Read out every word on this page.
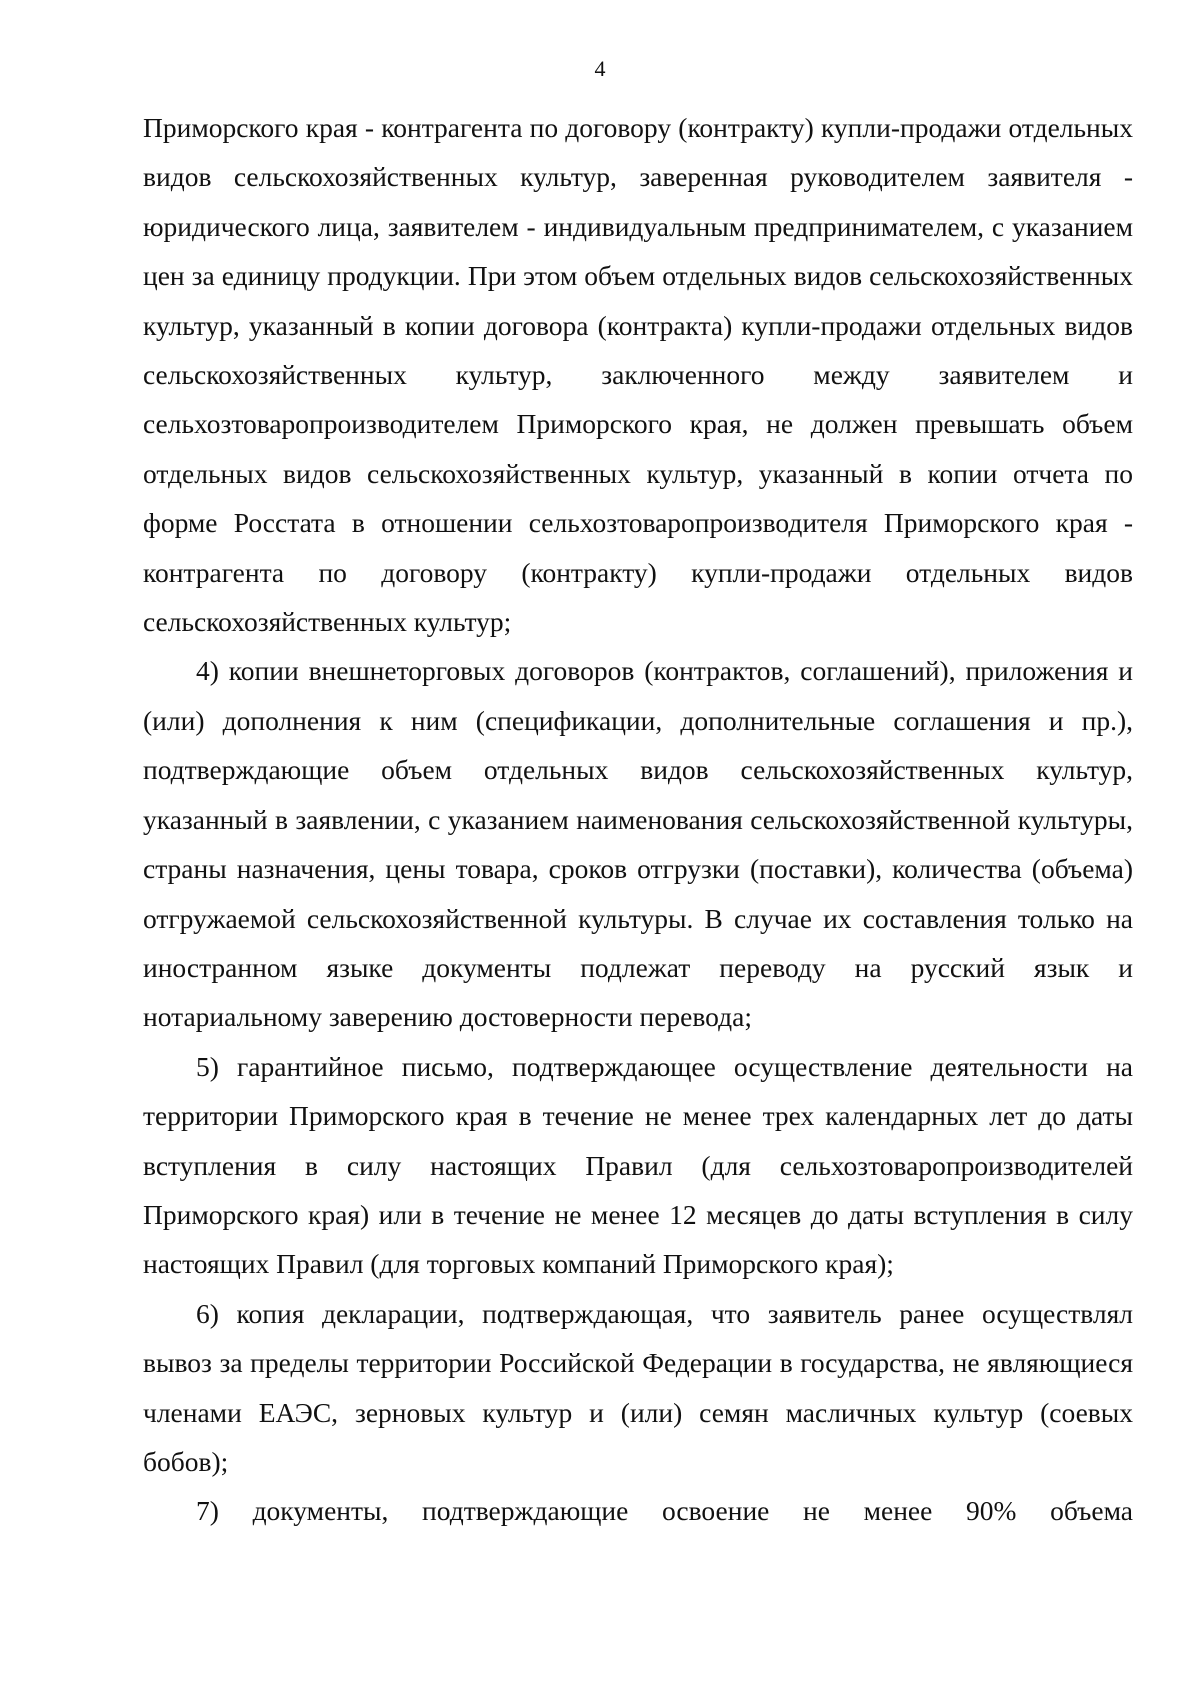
4

Приморского края - контрагента по договору (контракту) купли-продажи отдельных видов сельскохозяйственных культур, заверенная руководителем заявителя - юридического лица, заявителем - индивидуальным предпринимателем, с указанием цен за единицу продукции. При этом объем отдельных видов сельскохозяйственных культур, указанный в копии договора (контракта) купли-продажи отдельных видов сельскохозяйственных культур, заключенного между заявителем и сельхозтоваропроизводителем Приморского края, не должен превышать объем отдельных видов сельскохозяйственных культур, указанный в копии отчета по форме Росстата в отношении сельхозтоваропроизводителя Приморского края - контрагента по договору (контракту) купли-продажи отдельных видов сельскохозяйственных культур;

4) копии внешнеторговых договоров (контрактов, соглашений), приложения и (или) дополнения к ним (спецификации, дополнительные соглашения и пр.), подтверждающие объем отдельных видов сельскохозяйственных культур, указанный в заявлении, с указанием наименования сельскохозяйственной культуры, страны назначения, цены товара, сроков отгрузки (поставки), количества (объема) отгружаемой сельскохозяйственной культуры. В случае их составления только на иностранном языке документы подлежат переводу на русский язык и нотариальному заверению достоверности перевода;

5) гарантийное письмо, подтверждающее осуществление деятельности на территории Приморского края в течение не менее трех календарных лет до даты вступления в силу настоящих Правил (для сельхозтоваропроизводителей Приморского края) или в течение не менее 12 месяцев до даты вступления в силу настоящих Правил (для торговых компаний Приморского края);

6) копия декларации, подтверждающая, что заявитель ранее осуществлял вывоз за пределы территории Российской Федерации в государства, не являющиеся членами ЕАЭС, зерновых культур и (или) семян масличных культур (соевых бобов);

7) документы, подтверждающие освоение не менее 90% объема
